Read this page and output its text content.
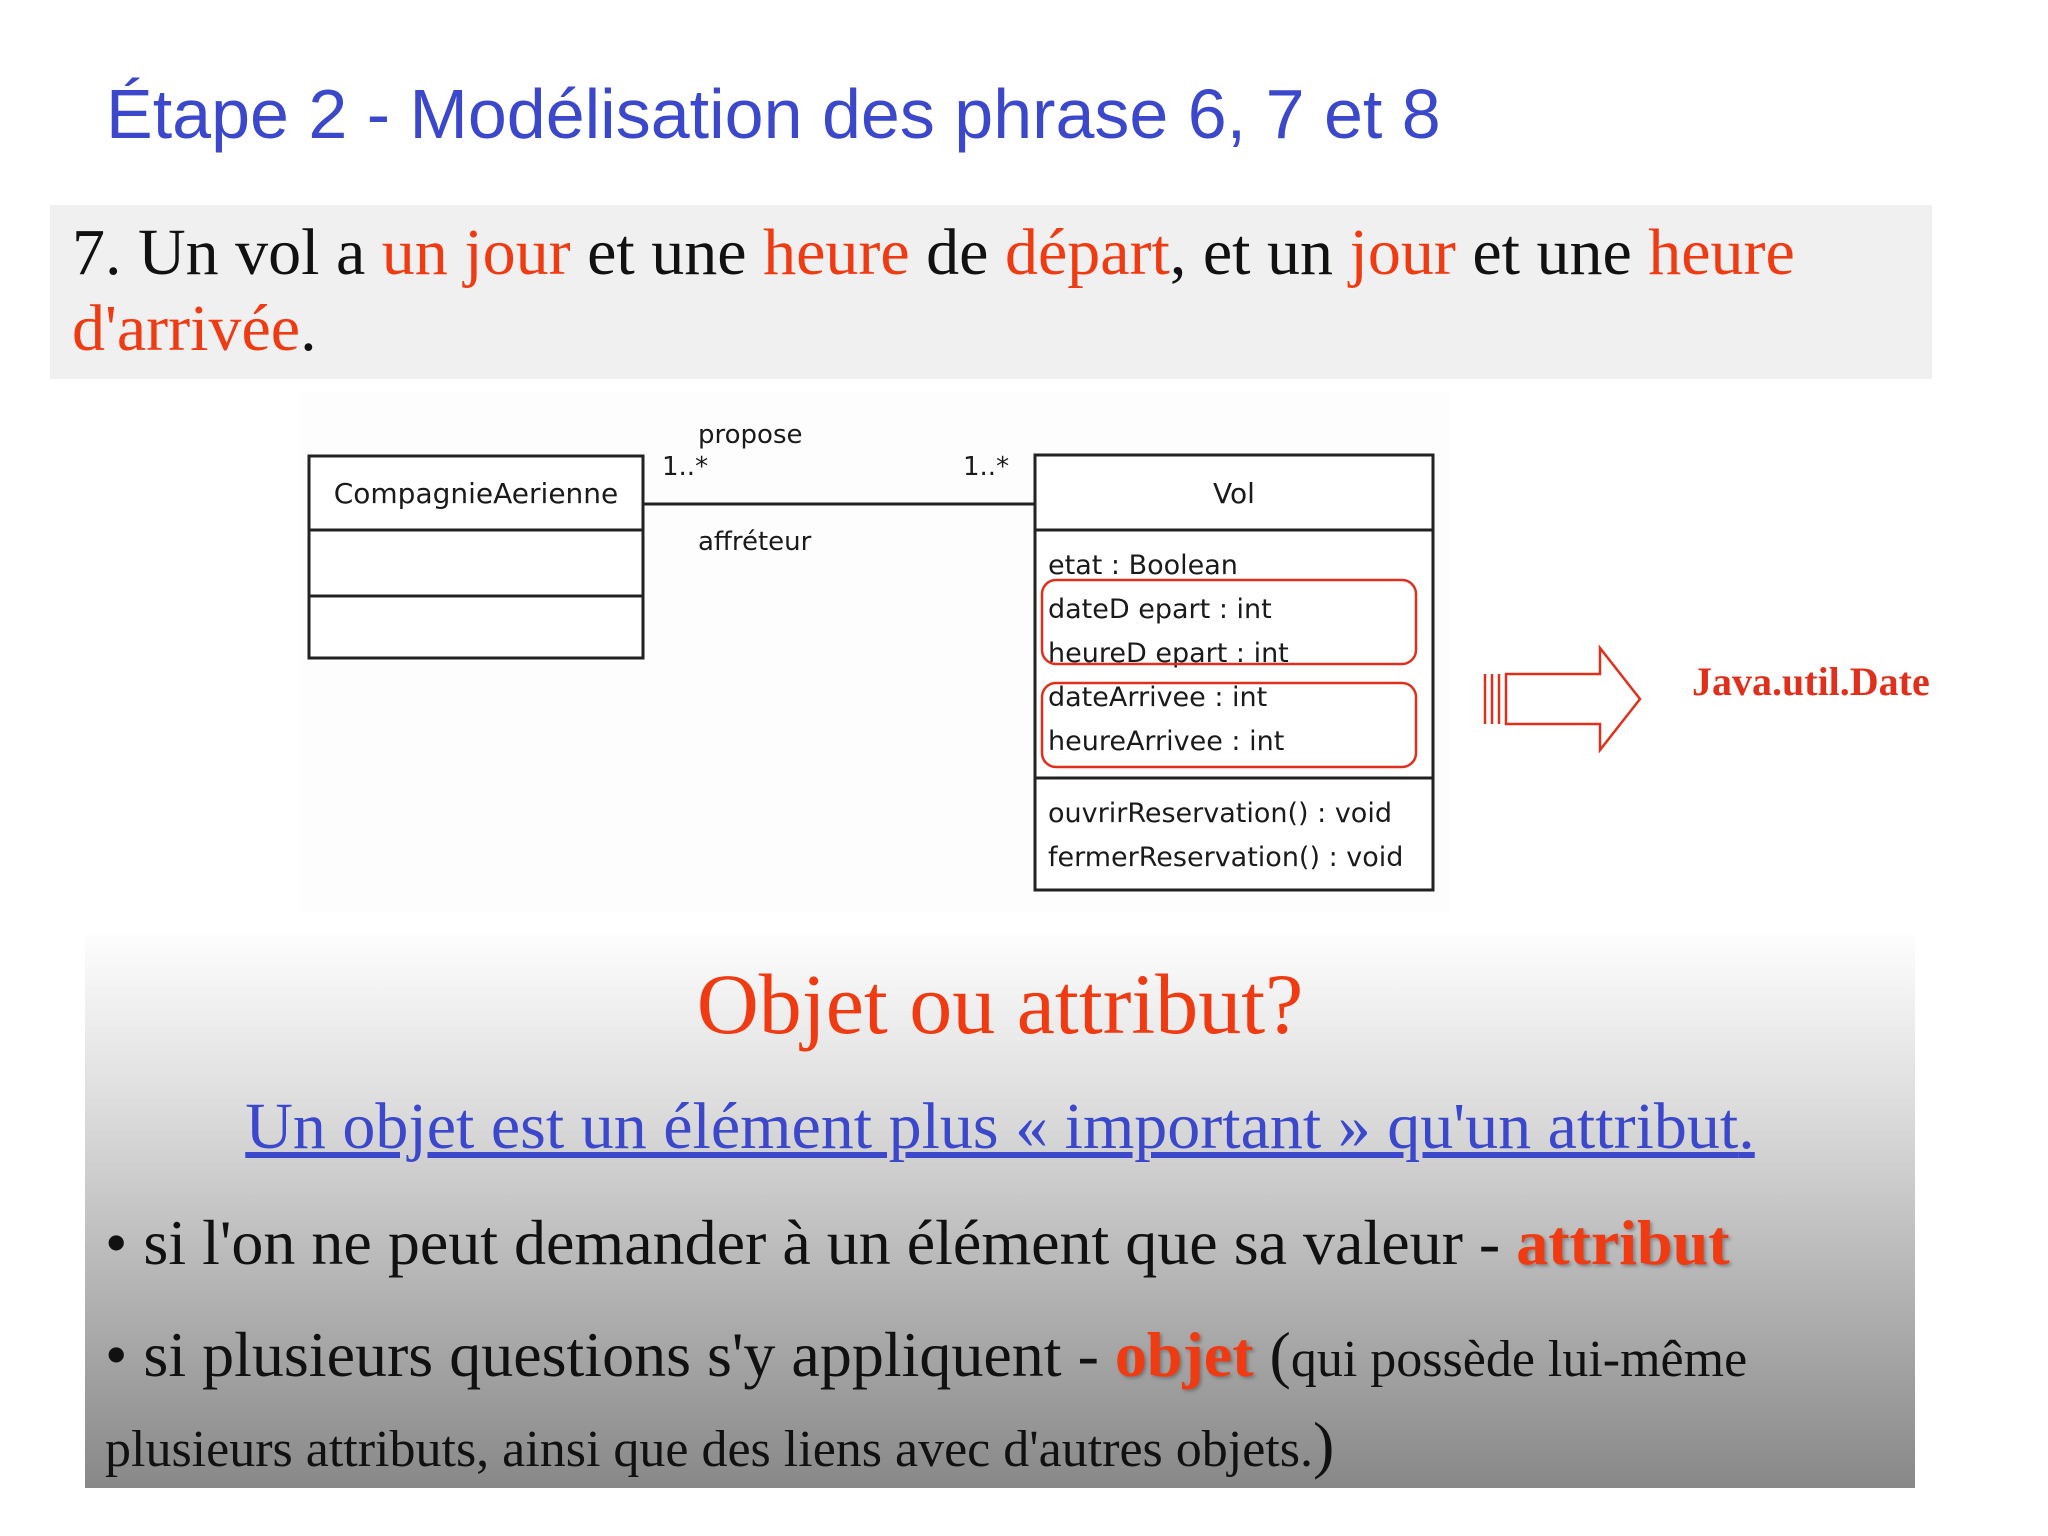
Étape 2 - Modélisation des phrase 6, 7 et 8
7. Un vol a un jour et une heure de départ, et un jour et une heure
d'arrivée.
CompagnieAerienne
propose
affréteur
1..*	1..*
Vol
etat : Boolean
dateD epart : int
heureD epart : int
dateArrivee : int
heureArrivee : int
ouvrirReservation() : void
fermerReservation() : void
Java.util.Date
Objet ou attribut?
Un objet est un élément plus « important » qu'un attribut.
• si l'on ne peut demander à un élément que sa valeur - attribut
• si plusieurs questions s'y appliquent - objet (qui possède lui-même
plusieurs attributs, ainsi que des liens avec d'autres objets.)
